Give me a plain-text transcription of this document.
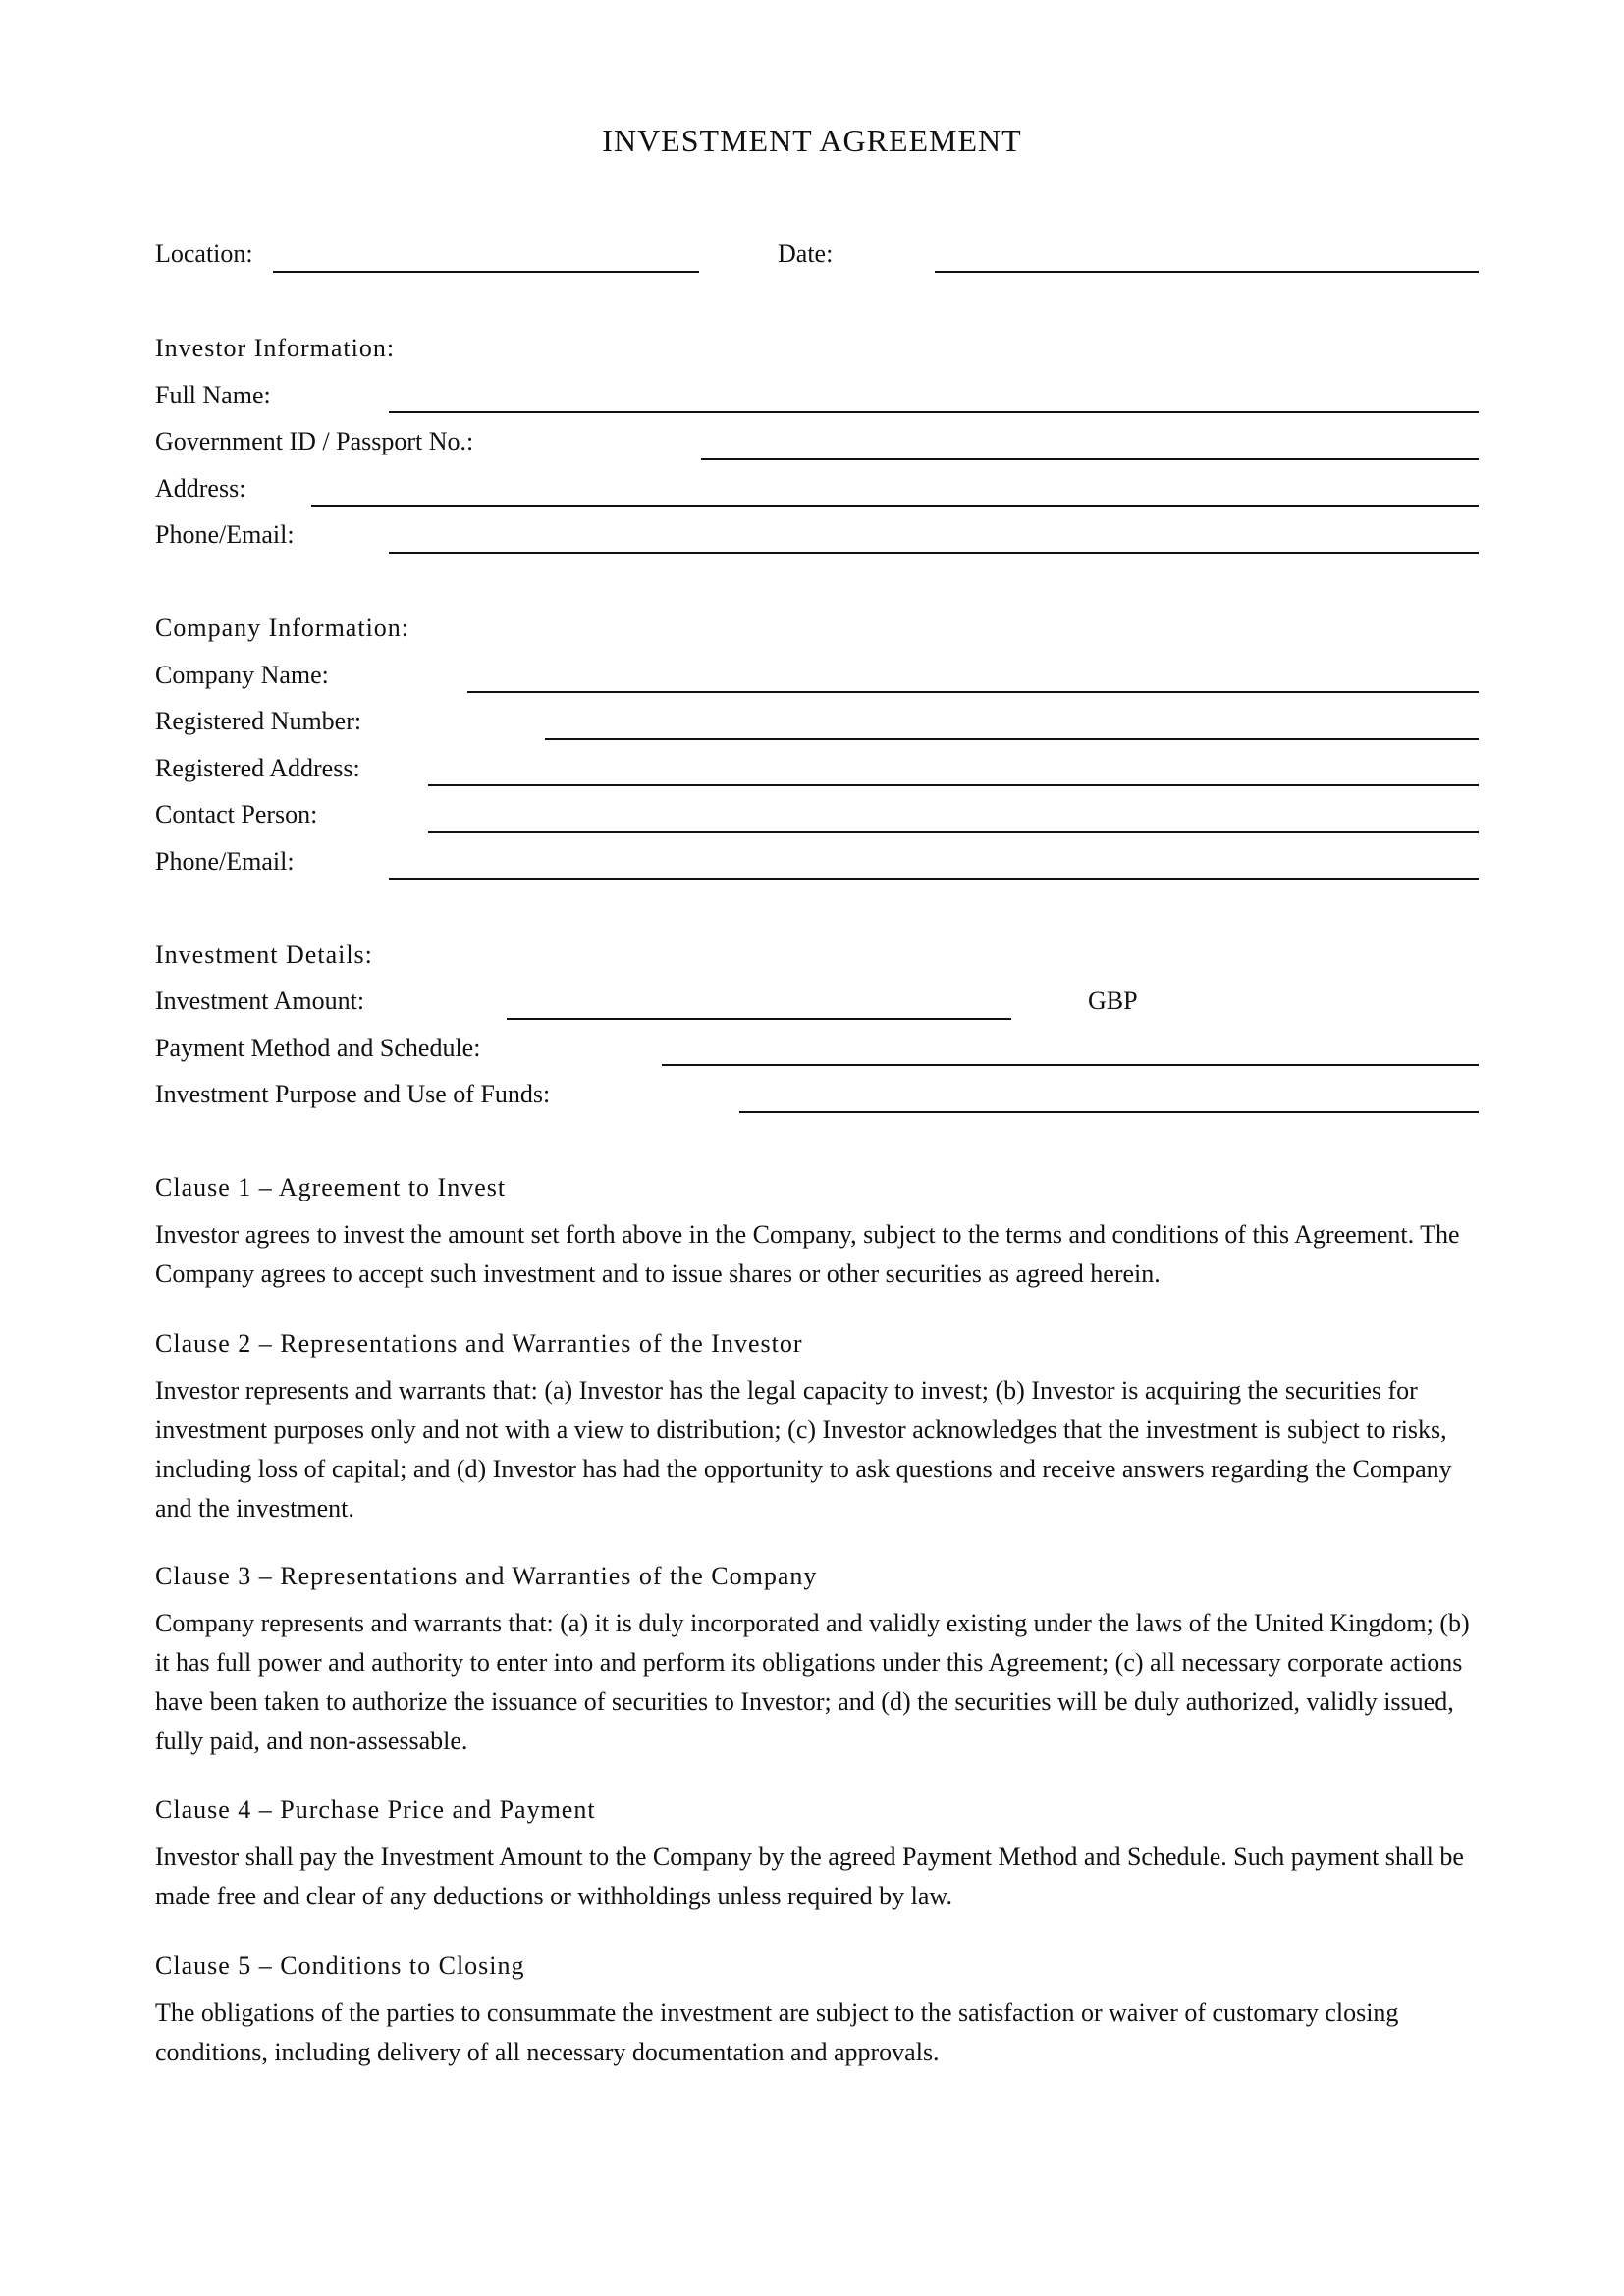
INVESTMENT AGREEMENT
Location:	Date:
Investor Information:
Full Name:
Government ID / Passport No.:
Address:
Phone/Email:
Company Information:
Company Name:
Registered Number:
Registered Address:
Contact Person:
Phone/Email:
Investment Details:
Investment Amount:	GBP
Payment Method and Schedule:
Investment Purpose and Use of Funds:
Clause 1 – Agreement to Invest
Investor agrees to invest the amount set forth above in the Company, subject to the terms and conditions of this Agreement. The Company agrees to accept such investment and to issue shares or other securities as agreed herein.
Clause 2 – Representations and Warranties of the Investor
Investor represents and warrants that: (a) Investor has the legal capacity to invest; (b) Investor is acquiring the securities for investment purposes only and not with a view to distribution; (c) Investor acknowledges that the investment is subject to risks, including loss of capital; and (d) Investor has had the opportunity to ask questions and receive answers regarding the Company and the investment.
Clause 3 – Representations and Warranties of the Company
Company represents and warrants that: (a) it is duly incorporated and validly existing under the laws of the United Kingdom; (b) it has full power and authority to enter into and perform its obligations under this Agreement; (c) all necessary corporate actions have been taken to authorize the issuance of securities to Investor; and (d) the securities will be duly authorized, validly issued, fully paid, and non-assessable.
Clause 4 – Purchase Price and Payment
Investor shall pay the Investment Amount to the Company by the agreed Payment Method and Schedule. Such payment shall be made free and clear of any deductions or withholdings unless required by law.
Clause 5 – Conditions to Closing
The obligations of the parties to consummate the investment are subject to the satisfaction or waiver of customary closing conditions, including delivery of all necessary documentation and approvals.
